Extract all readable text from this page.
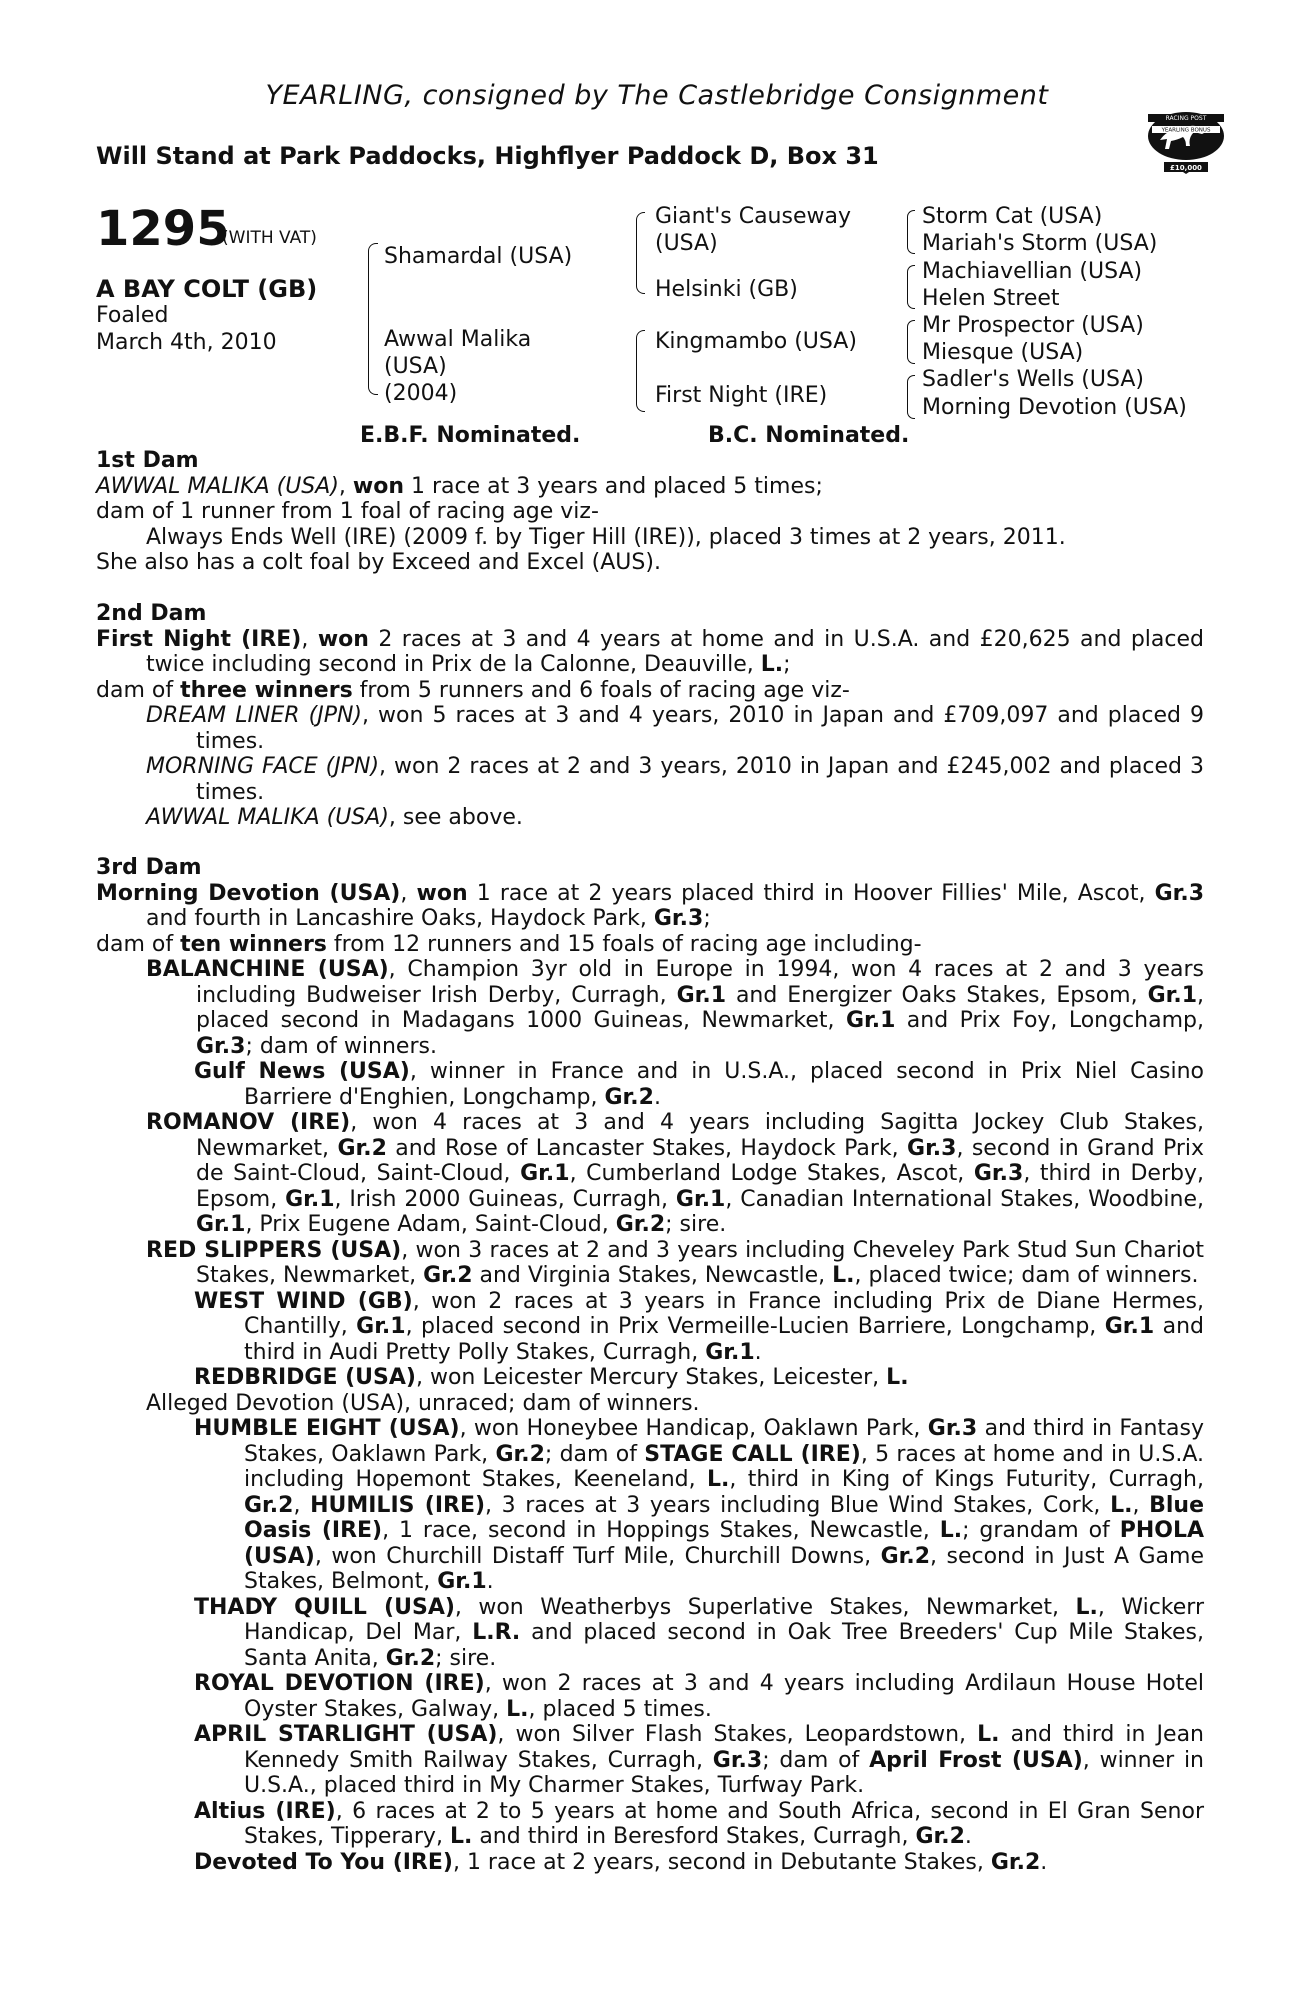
YEARLING, consigned by The Castlebridge Consignment
Will Stand at Park Paddocks, Highflyer Paddock D, Box 31
RACING POST
YEARLING BONUS
£10,000
1295
(WITH VAT)
A BAY COLT (GB)
Foaled
March 4th, 2010
Shamardal (USA)
Awwal Malika
(USA)
(2004)
Giant's Causeway
(USA)
Helsinki (GB)
Kingmambo (USA)
First Night (IRE)
Storm Cat (USA)
Mariah's Storm (USA)
Machiavellian (USA)
Helen Street
Mr Prospector (USA)
Miesque (USA)
Sadler's Wells (USA)
Morning Devotion (USA)
E.B.F. Nominated.	B.C. Nominated.

1st Dam

AWWAL MALIKA (USA), won 1 race at 3 years and placed 5 times;

dam of 1 runner from 1 foal of racing age viz-

Always Ends Well (IRE) (2009 f. by Tiger Hill (IRE)), placed 3 times at 2 years, 2011.

She also has a colt foal by Exceed and Excel (AUS).

2nd Dam

First Night (IRE), won 2 races at 3 and 4 years at home and in U.S.A. and £20,625 and placed twice including second in Prix de la Calonne, Deauville, L.;

dam of three winners from 5 runners and 6 foals of racing age viz-

DREAM LINER (JPN), won 5 races at 3 and 4 years, 2010 in Japan and £709,097 and placed 9 times.

MORNING FACE (JPN), won 2 races at 2 and 3 years, 2010 in Japan and £245,002 and placed 3 times.

AWWAL MALIKA (USA), see above.

3rd Dam

Morning Devotion (USA), won 1 race at 2 years placed third in Hoover Fillies' Mile, Ascot, Gr.3 and fourth in Lancashire Oaks, Haydock Park, Gr.3;

dam of ten winners from 12 runners and 15 foals of racing age including-

BALANCHINE (USA), Champion 3yr old in Europe in 1994, won 4 races at 2 and 3 years including Budweiser Irish Derby, Curragh, Gr.1 and Energizer Oaks Stakes, Epsom, Gr.1, placed second in Madagans 1000 Guineas, Newmarket, Gr.1 and Prix Foy, Longchamp, Gr.3; dam of winners.

Gulf News (USA), winner in France and in U.S.A., placed second in Prix Niel Casino Barriere d'Enghien, Longchamp, Gr.2.

ROMANOV (IRE), won 4 races at 3 and 4 years including Sagitta Jockey Club Stakes, Newmarket, Gr.2 and Rose of Lancaster Stakes, Haydock Park, Gr.3, second in Grand Prix de Saint-Cloud, Saint-Cloud, Gr.1, Cumberland Lodge Stakes, Ascot, Gr.3, third in Derby, Epsom, Gr.1, Irish 2000 Guineas, Curragh, Gr.1, Canadian International Stakes, Woodbine, Gr.1, Prix Eugene Adam, Saint-Cloud, Gr.2; sire.

RED SLIPPERS (USA), won 3 races at 2 and 3 years including Cheveley Park Stud Sun Chariot Stakes, Newmarket, Gr.2 and Virginia Stakes, Newcastle, L., placed twice; dam of winners.

WEST WIND (GB), won 2 races at 3 years in France including Prix de Diane Hermes, Chantilly, Gr.1, placed second in Prix Vermeille-Lucien Barriere, Longchamp, Gr.1 and third in Audi Pretty Polly Stakes, Curragh, Gr.1.

REDBRIDGE (USA), won Leicester Mercury Stakes, Leicester, L.

Alleged Devotion (USA), unraced; dam of winners.

HUMBLE EIGHT (USA), won Honeybee Handicap, Oaklawn Park, Gr.3 and third in Fantasy Stakes, Oaklawn Park, Gr.2; dam of STAGE CALL (IRE), 5 races at home and in U.S.A. including Hopemont Stakes, Keeneland, L., third in King of Kings Futurity, Curragh, Gr.2, HUMILIS (IRE), 3 races at 3 years including Blue Wind Stakes, Cork, L., Blue Oasis (IRE), 1 race, second in Hoppings Stakes, Newcastle, L.; grandam of PHOLA (USA), won Churchill Distaff Turf Mile, Churchill Downs, Gr.2, second in Just A Game Stakes, Belmont, Gr.1.

THADY QUILL (USA), won Weatherbys Superlative Stakes, Newmarket, L., Wickerr Handicap, Del Mar, L.R. and placed second in Oak Tree Breeders' Cup Mile Stakes, Santa Anita, Gr.2; sire.

ROYAL DEVOTION (IRE), won 2 races at 3 and 4 years including Ardilaun House Hotel Oyster Stakes, Galway, L., placed 5 times.

APRIL STARLIGHT (USA), won Silver Flash Stakes, Leopardstown, L. and third in Jean Kennedy Smith Railway Stakes, Curragh, Gr.3; dam of April Frost (USA), winner in U.S.A., placed third in My Charmer Stakes, Turfway Park.

Altius (IRE), 6 races at 2 to 5 years at home and South Africa, second in El Gran Senor Stakes, Tipperary, L. and third in Beresford Stakes, Curragh, Gr.2.

Devoted To You (IRE), 1 race at 2 years, second in Debutante Stakes, Gr.2.
